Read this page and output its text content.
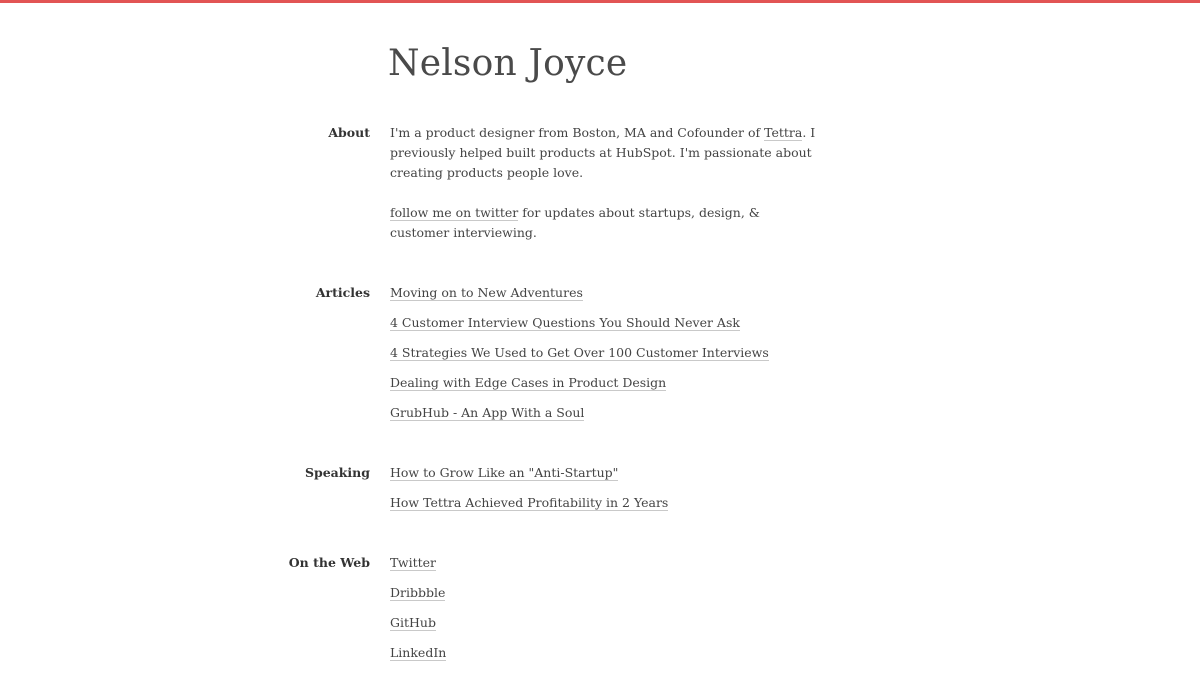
Nelson Joyce
About I'm a product designer from Boston, MA and Cofounder of Tettra. I previously helped built products at HubSpot. I'm passionate about creating products people love.

follow me on twitter for updates about startups, design, & customer interviewing.

Articles Moving on to New Adventures
4 Customer Interview Questions You Should Never Ask
4 Strategies We Used to Get Over 100 Customer Interviews
Dealing with Edge Cases in Product Design
GrubHub - An App With a Soul
Speaking How to Grow Like an "Anti-Startup"
How Tettra Achieved Profitability in 2 Years
On the Web Twitter
Dribbble
GitHub
LinkedIn
